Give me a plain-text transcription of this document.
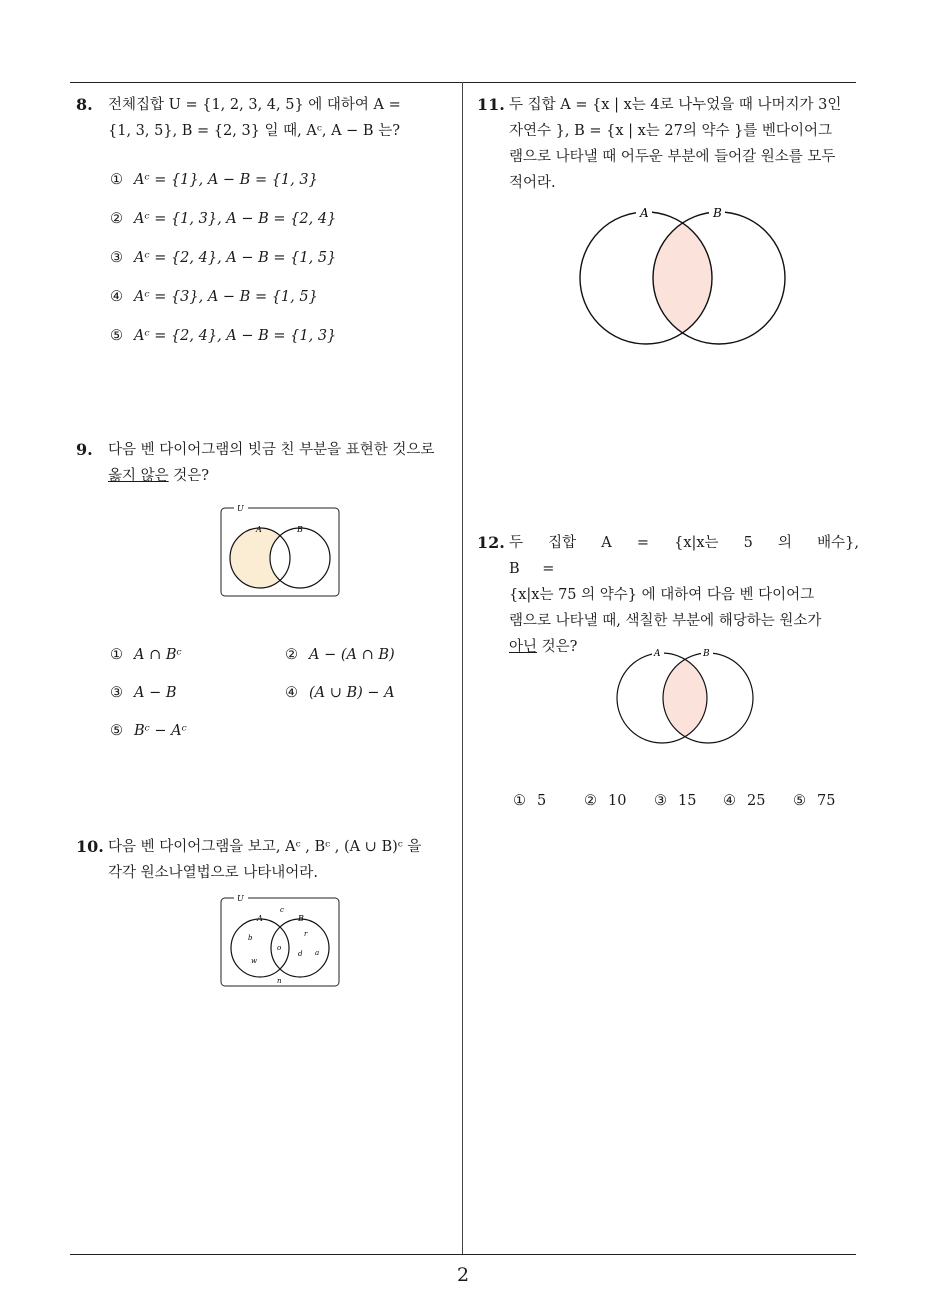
8. 전체집합 U = {1, 2, 3, 4, 5} 에 대하여 A =
{1, 3, 5}, B = {2, 3} 일 때, Aᶜ, A − B 는?
① Aᶜ = {1}, A − B = {1, 3}
② Aᶜ = {1, 3}, A − B = {2, 4}
③ Aᶜ = {2, 4}, A − B = {1, 5}
④ Aᶜ = {3}, A − B = {1, 5}
⑤ Aᶜ = {2, 4}, A − B = {1, 3}
9. 다음 벤 다이어그램의 빗금 친 부분을 표현한 것으로
옳지 않은 것은?
U
A	B
① A ∩ Bᶜ	② A − (A ∩ B)
③ A − B	④ (A ∪ B) − A
⑤ Bᶜ − Aᶜ
10. 다음 벤 다이어그램을 보고, Aᶜ , Bᶜ , (A ∪ B)ᶜ 을
각각 원소나열법으로 나타내어라.
U
A	B
c
b
w
o
r
d a
n
11. 두 집합 A = {x | x는 4로 나누었을 때 나머지가 3인
자연수 }, B = {x | x는 27의 약수 }를 벤다이어그
램으로 나타낼 때 어두운 부분에 들어갈 원소를 모두
적어라.
A	B
12. 두 집합 A = {x|x는 5 의 배수}, B =
{x|x는 75 의 약수} 에 대하여 다음 벤 다이어그
램으로 나타낼 때, 색칠한 부분에 해당하는 원소가
아닌 것은?	A	B
① 5	② 10 ③ 15 ④ 25 ⑤ 75
2
